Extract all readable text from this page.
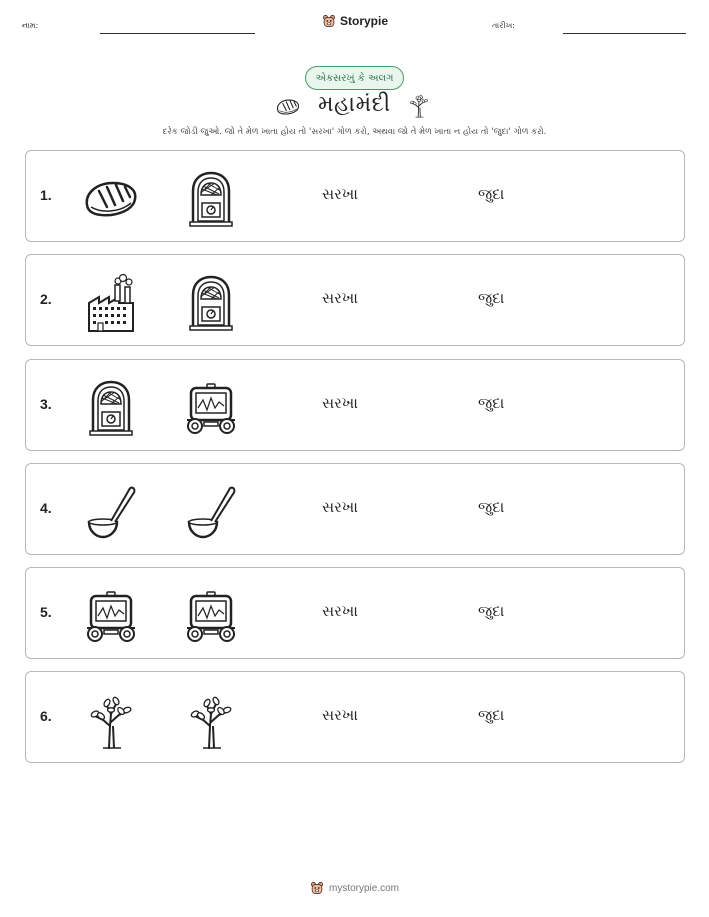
નામ:	Storypie	તારીખ:
એકસરખું કે અલગ
મહામંદી
દરેક જોડી જુઓ. જો તે મેળ ખાતા હોય તો 'સરખા' ગોળ કરો, અથવા જો તે મેળ ખાતા ન હોય તો 'જુદા' ગોળ કરો.
1.	સરખા	જુદા
2.	સરખા	જુદા
3.	સરખા	જુદા
4.	સરખા	જુદા
5.	સરખા	જુદા
6.	સરખા	જુદા
mystorypie.com
